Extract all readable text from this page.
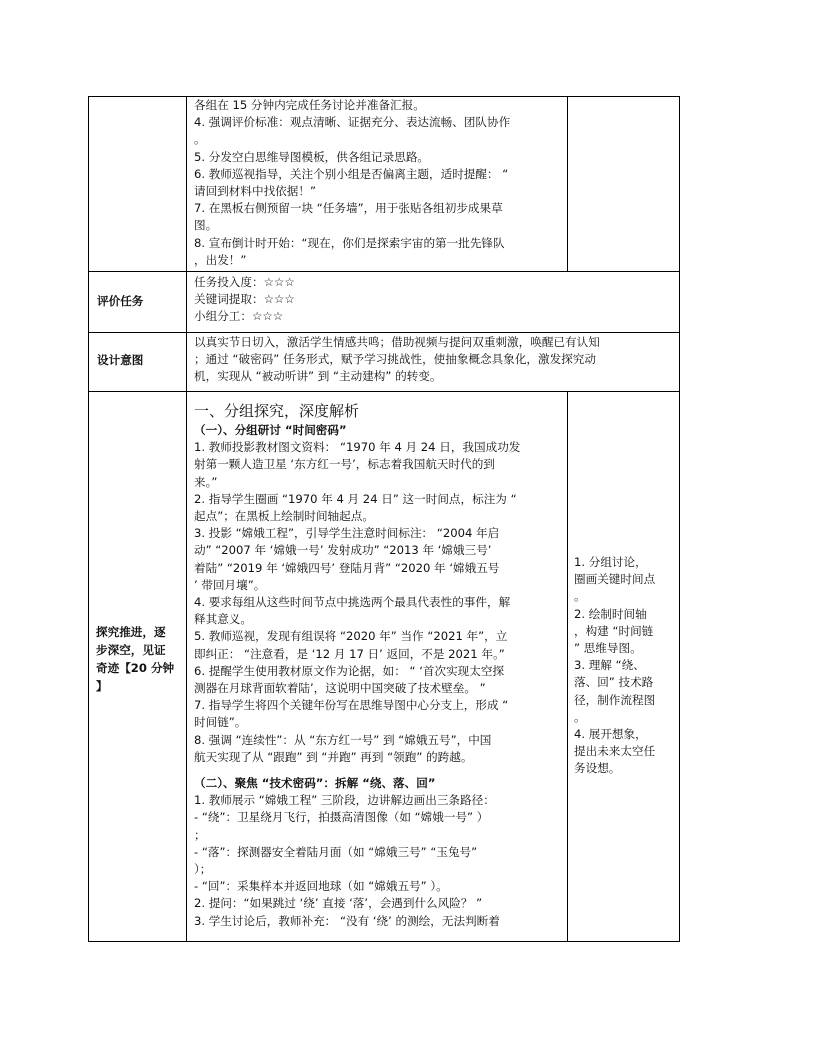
各组在 15 分钟内完成任务讨论并准备汇报。

4. 强调评价标准：观点清晰、证据充分、表达流畅、团队协作

。

5. 分发空白思维导图模板，供各组记录思路。

6. 教师巡视指导，关注个别小组是否偏离主题，适时提醒： “

请回到材料中找依据！”

7. 在黑板右侧预留一块 “任务墙”，用于张贴各组初步成果草

图。

8. 宣布倒计时开始：“现在，你们是探索宇宙的第一批先锋队

，出发！”

评价任务

任务投入度：☆☆☆

关键词提取：☆☆☆

小组分工：☆☆☆

设计意图

以真实节日切入，激活学生情感共鸣；借助视频与提问双重刺激，唤醒已有认知

；通过 “破密码” 任务形式，赋予学习挑战性，使抽象概念具象化，激发探究动

机，实现从 “被动听讲” 到 “主动建构” 的转变。

探究推进，逐

步深空，见证

奇迹【20 分钟

】

一、分组探究，深度解析

（一）、分组研讨 “时间密码”

1. 教师投影教材图文资料： “1970 年 4 月 24 日，我国成功发

射第一颗人造卫星 ‘东方红一号’，标志着我国航天时代的到

来。”

2. 指导学生圈画 “1970 年 4 月 24 日” 这一时间点，标注为 “

起点”；在黑板上绘制时间轴起点。

3. 投影 “嫦娥工程”，引导学生注意时间标注： “2004 年启

动” “2007 年 ‘嫦娥一号’ 发射成功” “2013 年 ‘嫦娥三号’

着陆” “2019 年 ‘嫦娥四号’ 登陆月背” “2020 年 ‘嫦娥五号

’ 带回月壤”。

4. 要求每组从这些时间节点中挑选两个最具代表性的事件，解

释其意义。

5. 教师巡视，发现有组误将 “2020 年” 当作 “2021 年”，立

即纠正： “注意看，是 ‘12 月 17 日’ 返回，不是 2021 年。”

6. 提醒学生使用教材原文作为论据，如： “ ‘首次实现太空探

测器在月球背面软着陆’，这说明中国突破了技术壁垒。 ”

7. 指导学生将四个关键年份写在思维导图中心分支上，形成 “

时间链”。

8. 强调 “连续性”：从 “东方红一号” 到 “嫦娥五号”，中国

航天实现了从 “跟跑” 到 “并跑” 再到 “领跑” 的跨越。

（二）、聚焦 “技术密码”：拆解 “绕、落、回”

1. 教师展示 “嫦娥工程” 三阶段，边讲解边画出三条路径：

- “绕”：卫星绕月飞行，拍摄高清图像（如 “嫦娥一号” ）

；

- “落”：探测器安全着陆月面（如 “嫦娥三号” “玉兔号”

）；

- “回”：采集样本并返回地球（如 “嫦娥五号” ）。

2. 提问：“如果跳过 ‘绕’ 直接 ‘落’，会遇到什么风险？ ”

3. 学生讨论后，教师补充： “没有 ‘绕’ 的测绘，无法判断着

1. 分组讨论，

圈画关键时间点

。

2. 绘制时间轴

，构建 “时间链

” 思维导图。

3. 理解 “绕、

落、回” 技术路

径，制作流程图

。

4. 展开想象，

提出未来太空任

务设想。
